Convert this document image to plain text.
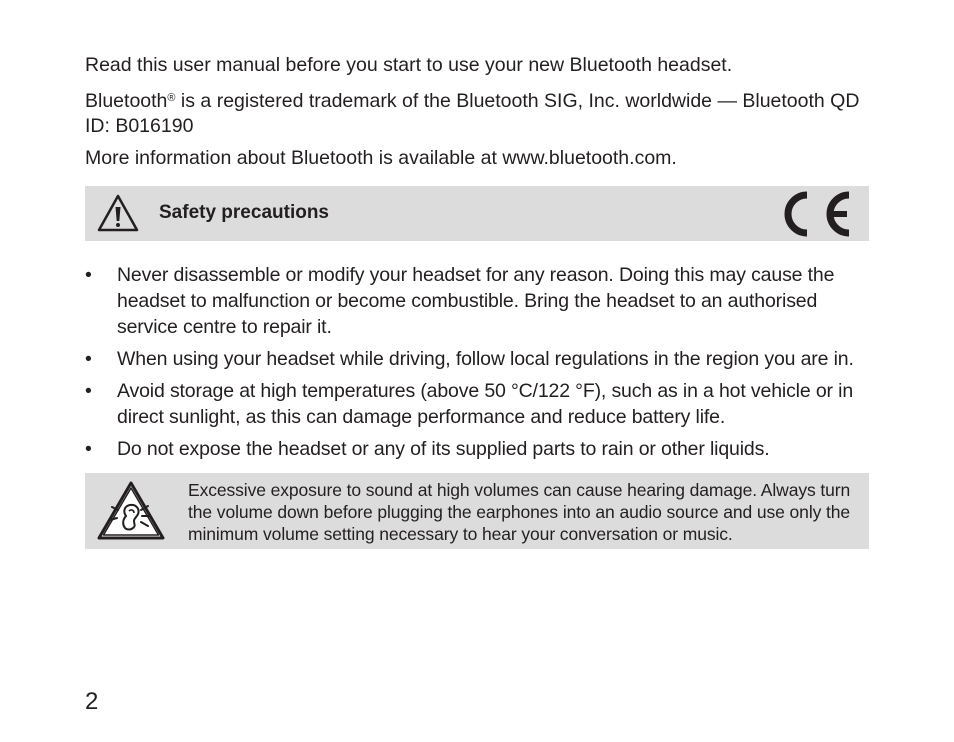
Read this user manual before you start to use your new Bluetooth headset.

Bluetooth® is a registered trademark of the Bluetooth SIG, Inc. worldwide — Bluetooth QD ID: B016190

More information about Bluetooth is available at www.bluetooth.com.

Safety precautions
• Never disassemble or modify your headset for any reason. Doing this may cause the headset to malfunction or become combustible. Bring the headset to an authorised service centre to repair it.
• When using your headset while driving, follow local regulations in the region you are in.
• Avoid storage at high temperatures (above 50 °C/122 °F), such as in a hot vehicle or in direct sunlight, as this can damage performance and reduce battery life.
• Do not expose the headset or any of its supplied parts to rain or other liquids.
Excessive exposure to sound at high volumes can cause hearing damage. Always turn the volume down before plugging the earphones into an audio source and use only the minimum volume setting necessary to hear your conversation or music.
2
